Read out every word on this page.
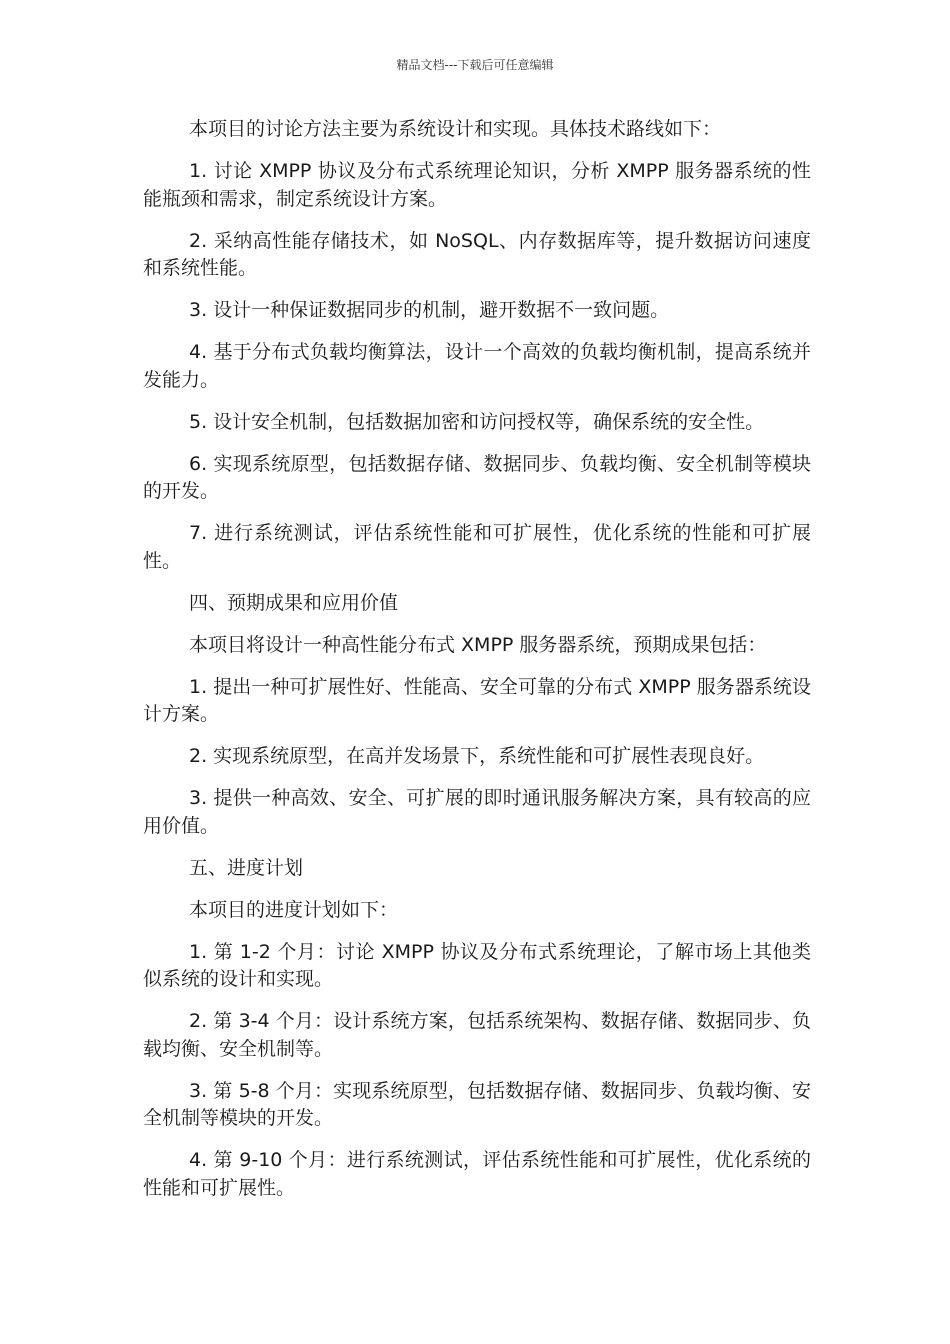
精品文档---下载后可任意编辑

本项目的讨论方法主要为系统设计和实现。具体技术路线如下：

1. 讨论 XMPP 协议及分布式系统理论知识，分析 XMPP 服务器系统的性能瓶颈和需求，制定系统设计方案。

2. 采纳高性能存储技术，如 NoSQL、内存数据库等，提升数据访问速度和系统性能。

3. 设计一种保证数据同步的机制，避开数据不一致问题。

4. 基于分布式负载均衡算法，设计一个高效的负载均衡机制，提高系统并发能力。

5. 设计安全机制，包括数据加密和访问授权等，确保系统的安全性。

6. 实现系统原型，包括数据存储、数据同步、负载均衡、安全机制等模块的开发。

7. 进行系统测试，评估系统性能和可扩展性，优化系统的性能和可扩展性。

四、预期成果和应用价值

本项目将设计一种高性能分布式 XMPP 服务器系统，预期成果包括：

1. 提出一种可扩展性好、性能高、安全可靠的分布式 XMPP 服务器系统设计方案。

2. 实现系统原型，在高并发场景下，系统性能和可扩展性表现良好。

3. 提供一种高效、安全、可扩展的即时通讯服务解决方案，具有较高的应用价值。

五、进度计划

本项目的进度计划如下：

1. 第 1-2 个月：讨论 XMPP 协议及分布式系统理论，了解市场上其他类似系统的设计和实现。

2. 第 3-4 个月：设计系统方案，包括系统架构、数据存储、数据同步、负载均衡、安全机制等。

3. 第 5-8 个月：实现系统原型，包括数据存储、数据同步、负载均衡、安全机制等模块的开发。

4. 第 9-10 个月：进行系统测试，评估系统性能和可扩展性，优化系统的性能和可扩展性。
